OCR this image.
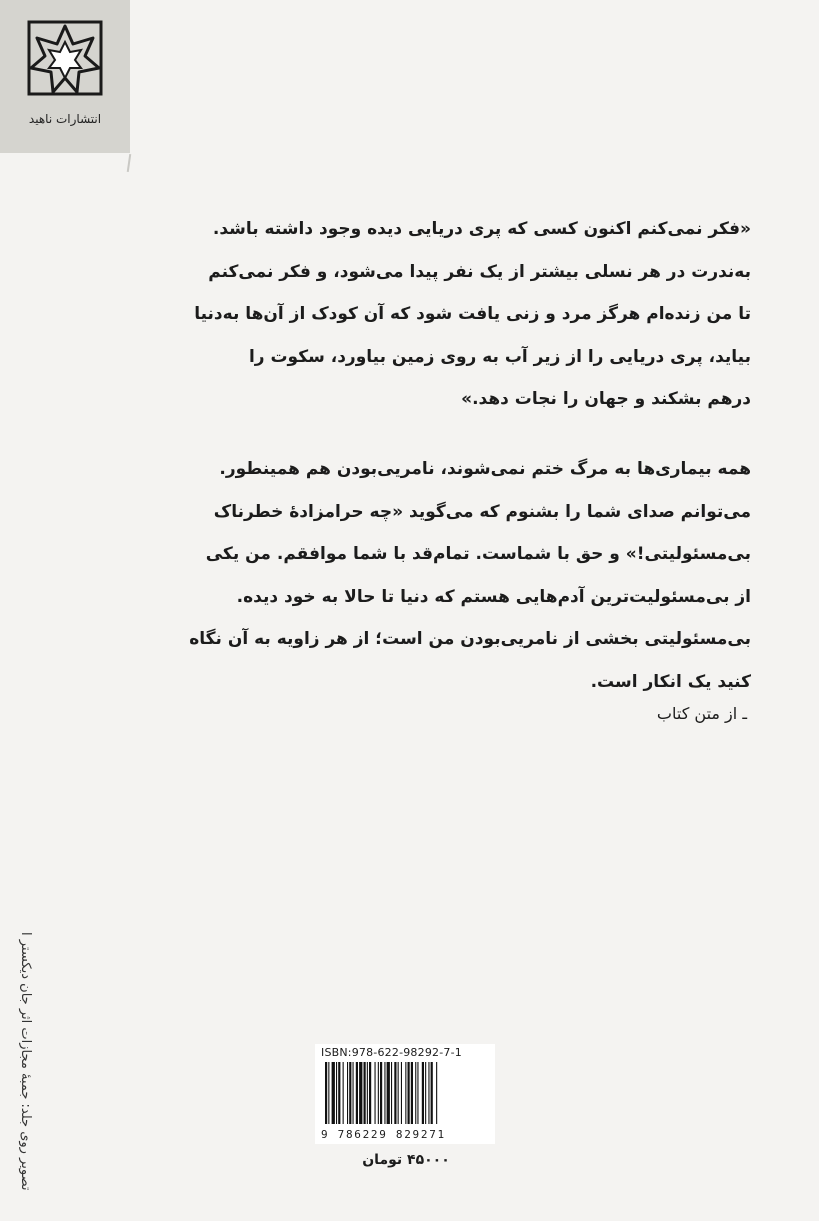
انتشارات ناهید

«فکر نمی‌کنم اکنون کسی که پری دریایی دیده وجود داشته باشد.

به‌ندرت در هر نسلی بیشتر از یک نفر پیدا می‌شود، و فکر نمی‌کنم

تا من زنده‌ام هرگز مرد و زنی یافت شود که آن کودک از آن‌ها به‌دنیا

بیاید، پری دریایی را از زیر آب به روی زمین بیاورد، سکوت را

درهم بشکند و جهان را نجات دهد.»

همه بیماری‌ها به مرگ ختم نمی‌شوند، نامریی‌بودن هم همینطور.

می‌توانم صدای شما را بشنوم که می‌گوید «چه حرامزادهٔ خطرناک

بی‌مسئولیتی!» و حق با شماست. تمام‌قد با شما موافقم. من یکی

از بی‌مسئولیت‌ترین آدم‌هایی هستم که دنیا تا حالا به خود دیده.

بی‌مسئولیتی بخشی از نامریی‌بودن من است؛ از هر زاویه به آن نگاه

کنید یک انکار است.

ـ از متن کتاب
تصویر روی جلد: جمبهٔ مجازات اثر جان دیکستر ا	ISBN:978-622-98292-7-1
9 786229 829271
۴۵۰۰۰ تومان
